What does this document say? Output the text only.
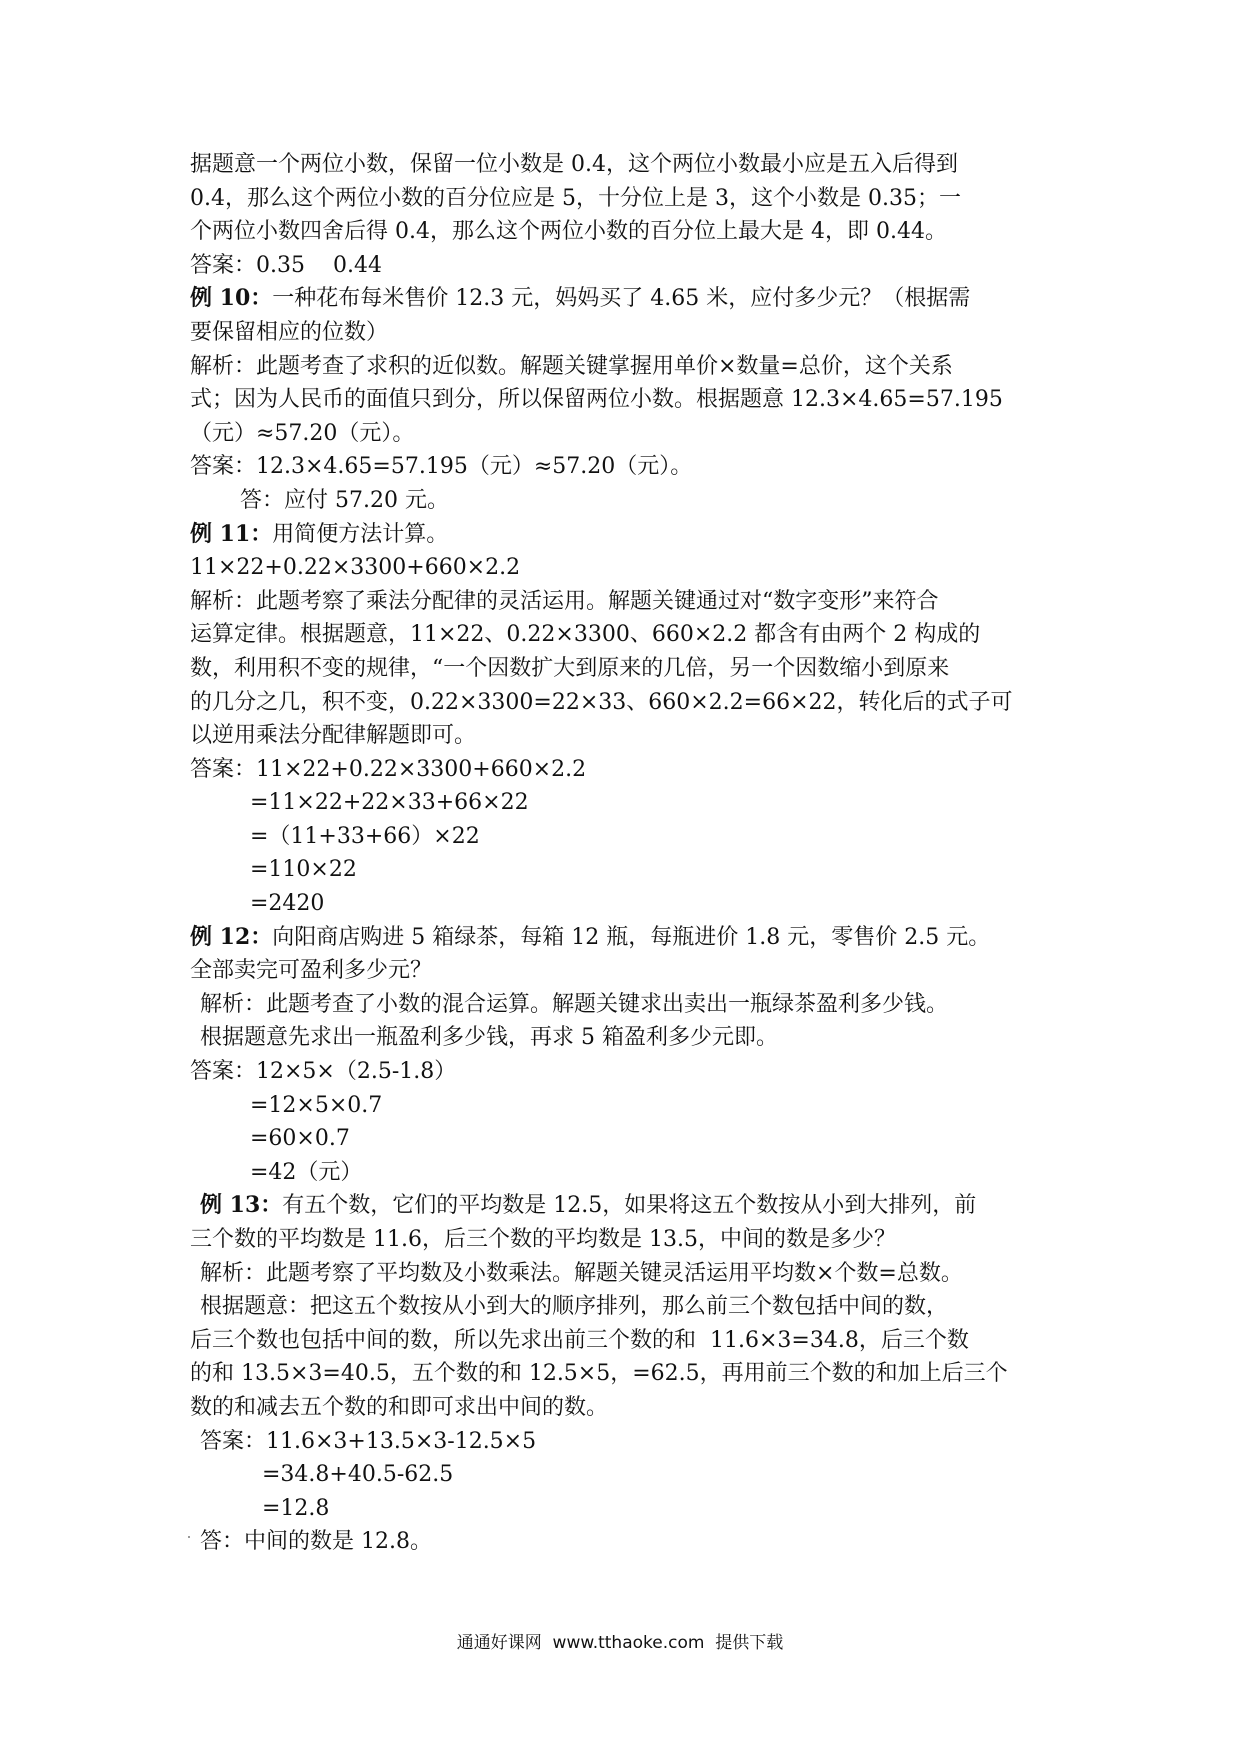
据题意一个两位小数，保留一位小数是 0.4，这个两位小数最小应是五入后得到
0.4，那么这个两位小数的百分位应是 5，十分位上是 3，这个小数是 0.35；一
个两位小数四舍后得 0.4，那么这个两位小数的百分位上最大是 4，即 0.44。
答案：0.35    0.44
例 10：一种花布每米售价 12.3 元，妈妈买了 4.65 米，应付多少元？（根据需
要保留相应的位数）
解析：此题考查了求积的近似数。解题关键掌握用单价×数量=总价，这个关系
式；因为人民币的面值只到分，所以保留两位小数。根据题意 12.3×4.65=57.195
（元）≈57.20（元）。
答案：12.3×4.65=57.195（元）≈57.20（元）。
答：应付 57.20 元。
例 11：用简便方法计算。
11×22+0.22×3300+660×2.2
解析：此题考察了乘法分配律的灵活运用。解题关键通过对“数字变形”来符合
运算定律。根据题意，11×22、0.22×3300、660×2.2 都含有由两个 2 构成的
数，利用积不变的规律，“一个因数扩大到原来的几倍，另一个因数缩小到原来
的几分之几，积不变，0.22×3300=22×33、660×2.2=66×22，转化后的式子可
以逆用乘法分配律解题即可。
答案：11×22+0.22×3300+660×2.2
=11×22+22×33+66×22
=（11+33+66）×22
=110×22
=2420
例 12：向阳商店购进 5 箱绿茶，每箱 12 瓶，每瓶进价 1.8 元，零售价 2.5 元。
全部卖完可盈利多少元？
解析：此题考查了小数的混合运算。解题关键求出卖出一瓶绿茶盈利多少钱。
根据题意先求出一瓶盈利多少钱，再求 5 箱盈利多少元即。
答案：12×5×（2.5-1.8）
=12×5×0.7
=60×0.7
=42（元）
例 13：有五个数，它们的平均数是 12.5，如果将这五个数按从小到大排列，前
三个数的平均数是 11.6，后三个数的平均数是 13.5，中间的数是多少？
解析：此题考察了平均数及小数乘法。解题关键灵活运用平均数×个数=总数。
根据题意：把这五个数按从小到大的顺序排列，那么前三个数包括中间的数，
后三个数也包括中间的数，所以先求出前三个数的和  11.6×3=34.8，后三个数
的和 13.5×3=40.5，五个数的和 12.5×5，=62.5，再用前三个数的和加上后三个
数的和减去五个数的和即可求出中间的数。
答案：11.6×3+13.5×3-12.5×5
=34.8+40.5-62.5
=12.8
答：中间的数是 12.8。
通通好课网  www.tthaoke.com  提供下载
